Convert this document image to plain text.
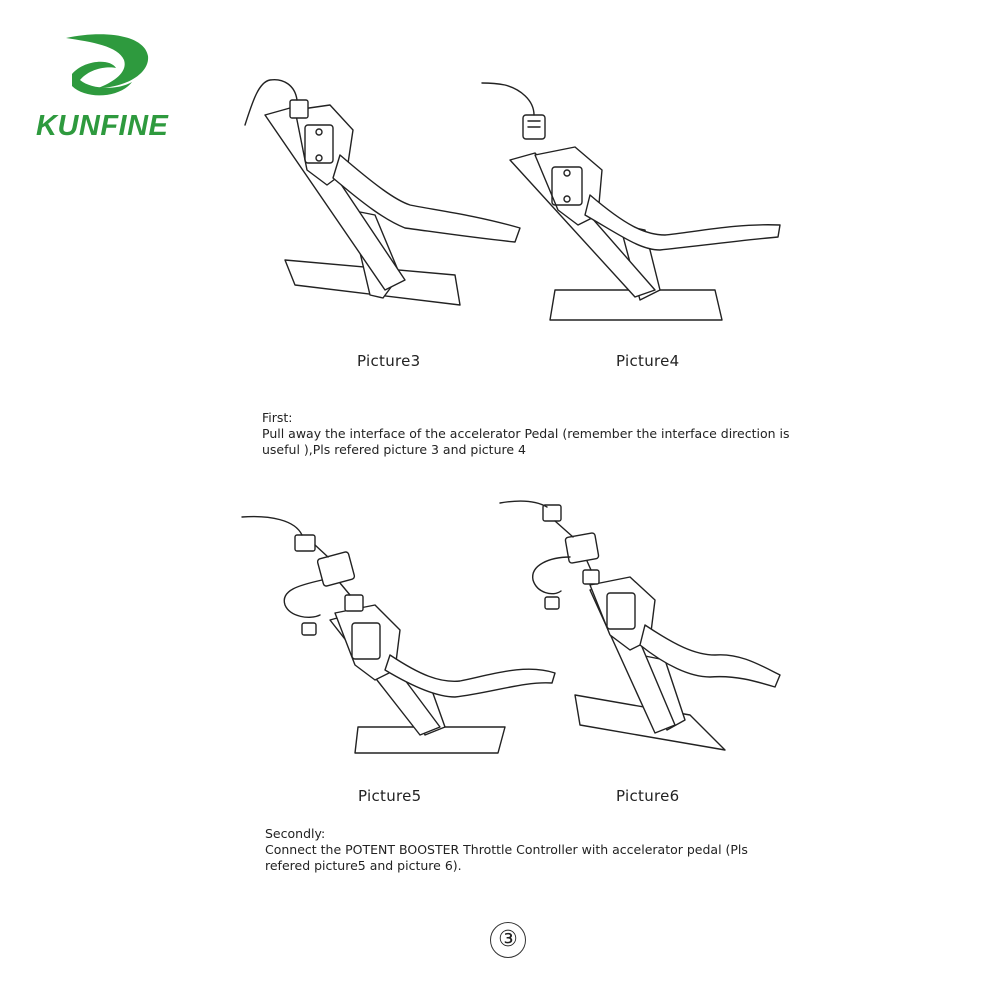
KUNFINE
Picture3	Picture4
First:
Pull away the interface of the accelerator Pedal (remember the interface direction is
useful ),Pls refered picture 3 and picture 4
Picture5	Picture6
Secondly:
Connect the POTENT BOOSTER Throttle Controller with accelerator pedal (Pls
refered picture5 and picture 6).
③
